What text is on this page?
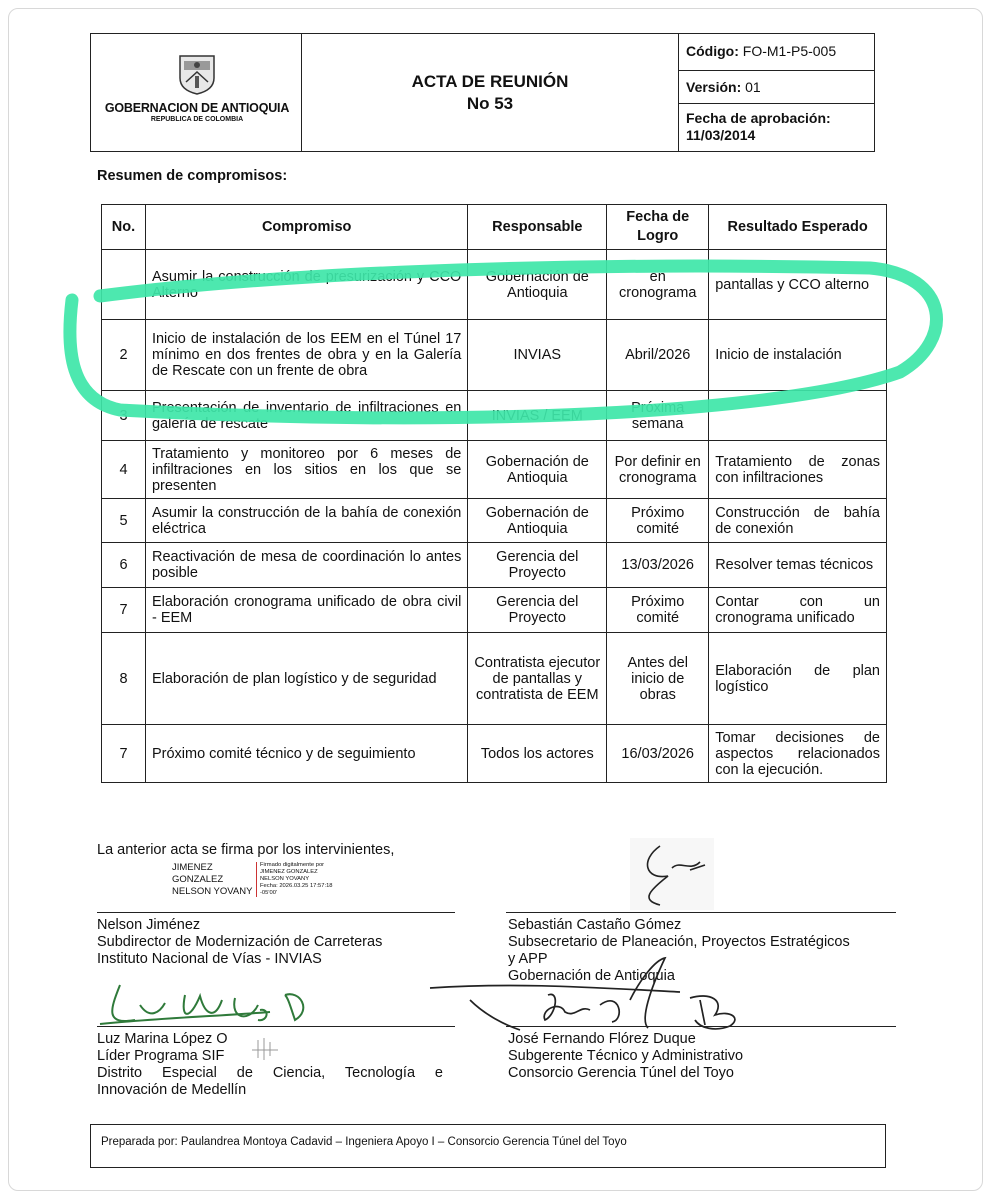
GOBERNACION DE ANTIOQUIA
REPUBLICA DE COLOMBIA
ACTA DE REUNIÓN
No 53
Código: FO-M1-P5-005
Versión: 01
Fecha de aprobación:
11/03/2014
Resumen de compromisos:
No.	Compromiso	Responsable	Fecha de Logro	Resultado Esperado
	Asumir la construcción de presurización y CCO Alterno	Gobernación de Antioquia	en cronograma	pantallas y CCO alterno
2	Inicio de instalación de los EEM en el Túnel 17 mínimo en dos frentes de obra y en la Galería de Rescate con un frente de obra	INVIAS	Abril/2026	Inicio de instalación
3	Presentación de inventario de infiltraciones en galería de rescate	INVIAS / EEM	Próxima semana	
4	Tratamiento y monitoreo por 6 meses de infiltraciones en los sitios en los que se presenten	Gobernación de Antioquia	Por definir en cronograma	Tratamiento de zonas con infiltraciones
5	Asumir la construcción de la bahía de conexión eléctrica	Gobernación de Antioquia	Próximo comité	Construcción de bahía de conexión
6	Reactivación de mesa de coordinación lo antes posible	Gerencia del Proyecto	13/03/2026	Resolver temas técnicos
7	Elaboración cronograma unificado de obra civil - EEM	Gerencia del Proyecto	Próximo comité	Contar con un cronograma unificado
8	Elaboración de plan logístico y de seguridad	Contratista ejecutor de pantallas y contratista de EEM	Antes del inicio de obras	Elaboración de plan logístico
7	Próximo comité técnico y de seguimiento	Todos los actores	16/03/2026	Tomar decisiones de aspectos relacionados con la ejecución.
La anterior acta se firma por los intervinientes,
JIMENEZ
GONZALEZ
NELSON YOVANY
Firmado digitalmente por
JIMENEZ GONZALEZ
NELSON YOVANY
Fecha: 2026.03.25 17:57:18
-05'00'
Nelson Jiménez
Subdirector de Modernización de Carreteras
Instituto Nacional de Vías - INVIAS
Sebastián Castaño Gómez
Subsecretario de Planeación, Proyectos Estratégicos
y APP
Gobernación de Antioquia
Luz Marina López O
Líder Programa SIF
Distrito Especial de Ciencia, Tecnología e
Innovación de Medellín
José Fernando Flórez Duque
Subgerente Técnico y Administrativo
Consorcio Gerencia Túnel del Toyo
Preparada por: Paulandrea Montoya Cadavid – Ingeniera Apoyo I – Consorcio Gerencia Túnel del Toyo
